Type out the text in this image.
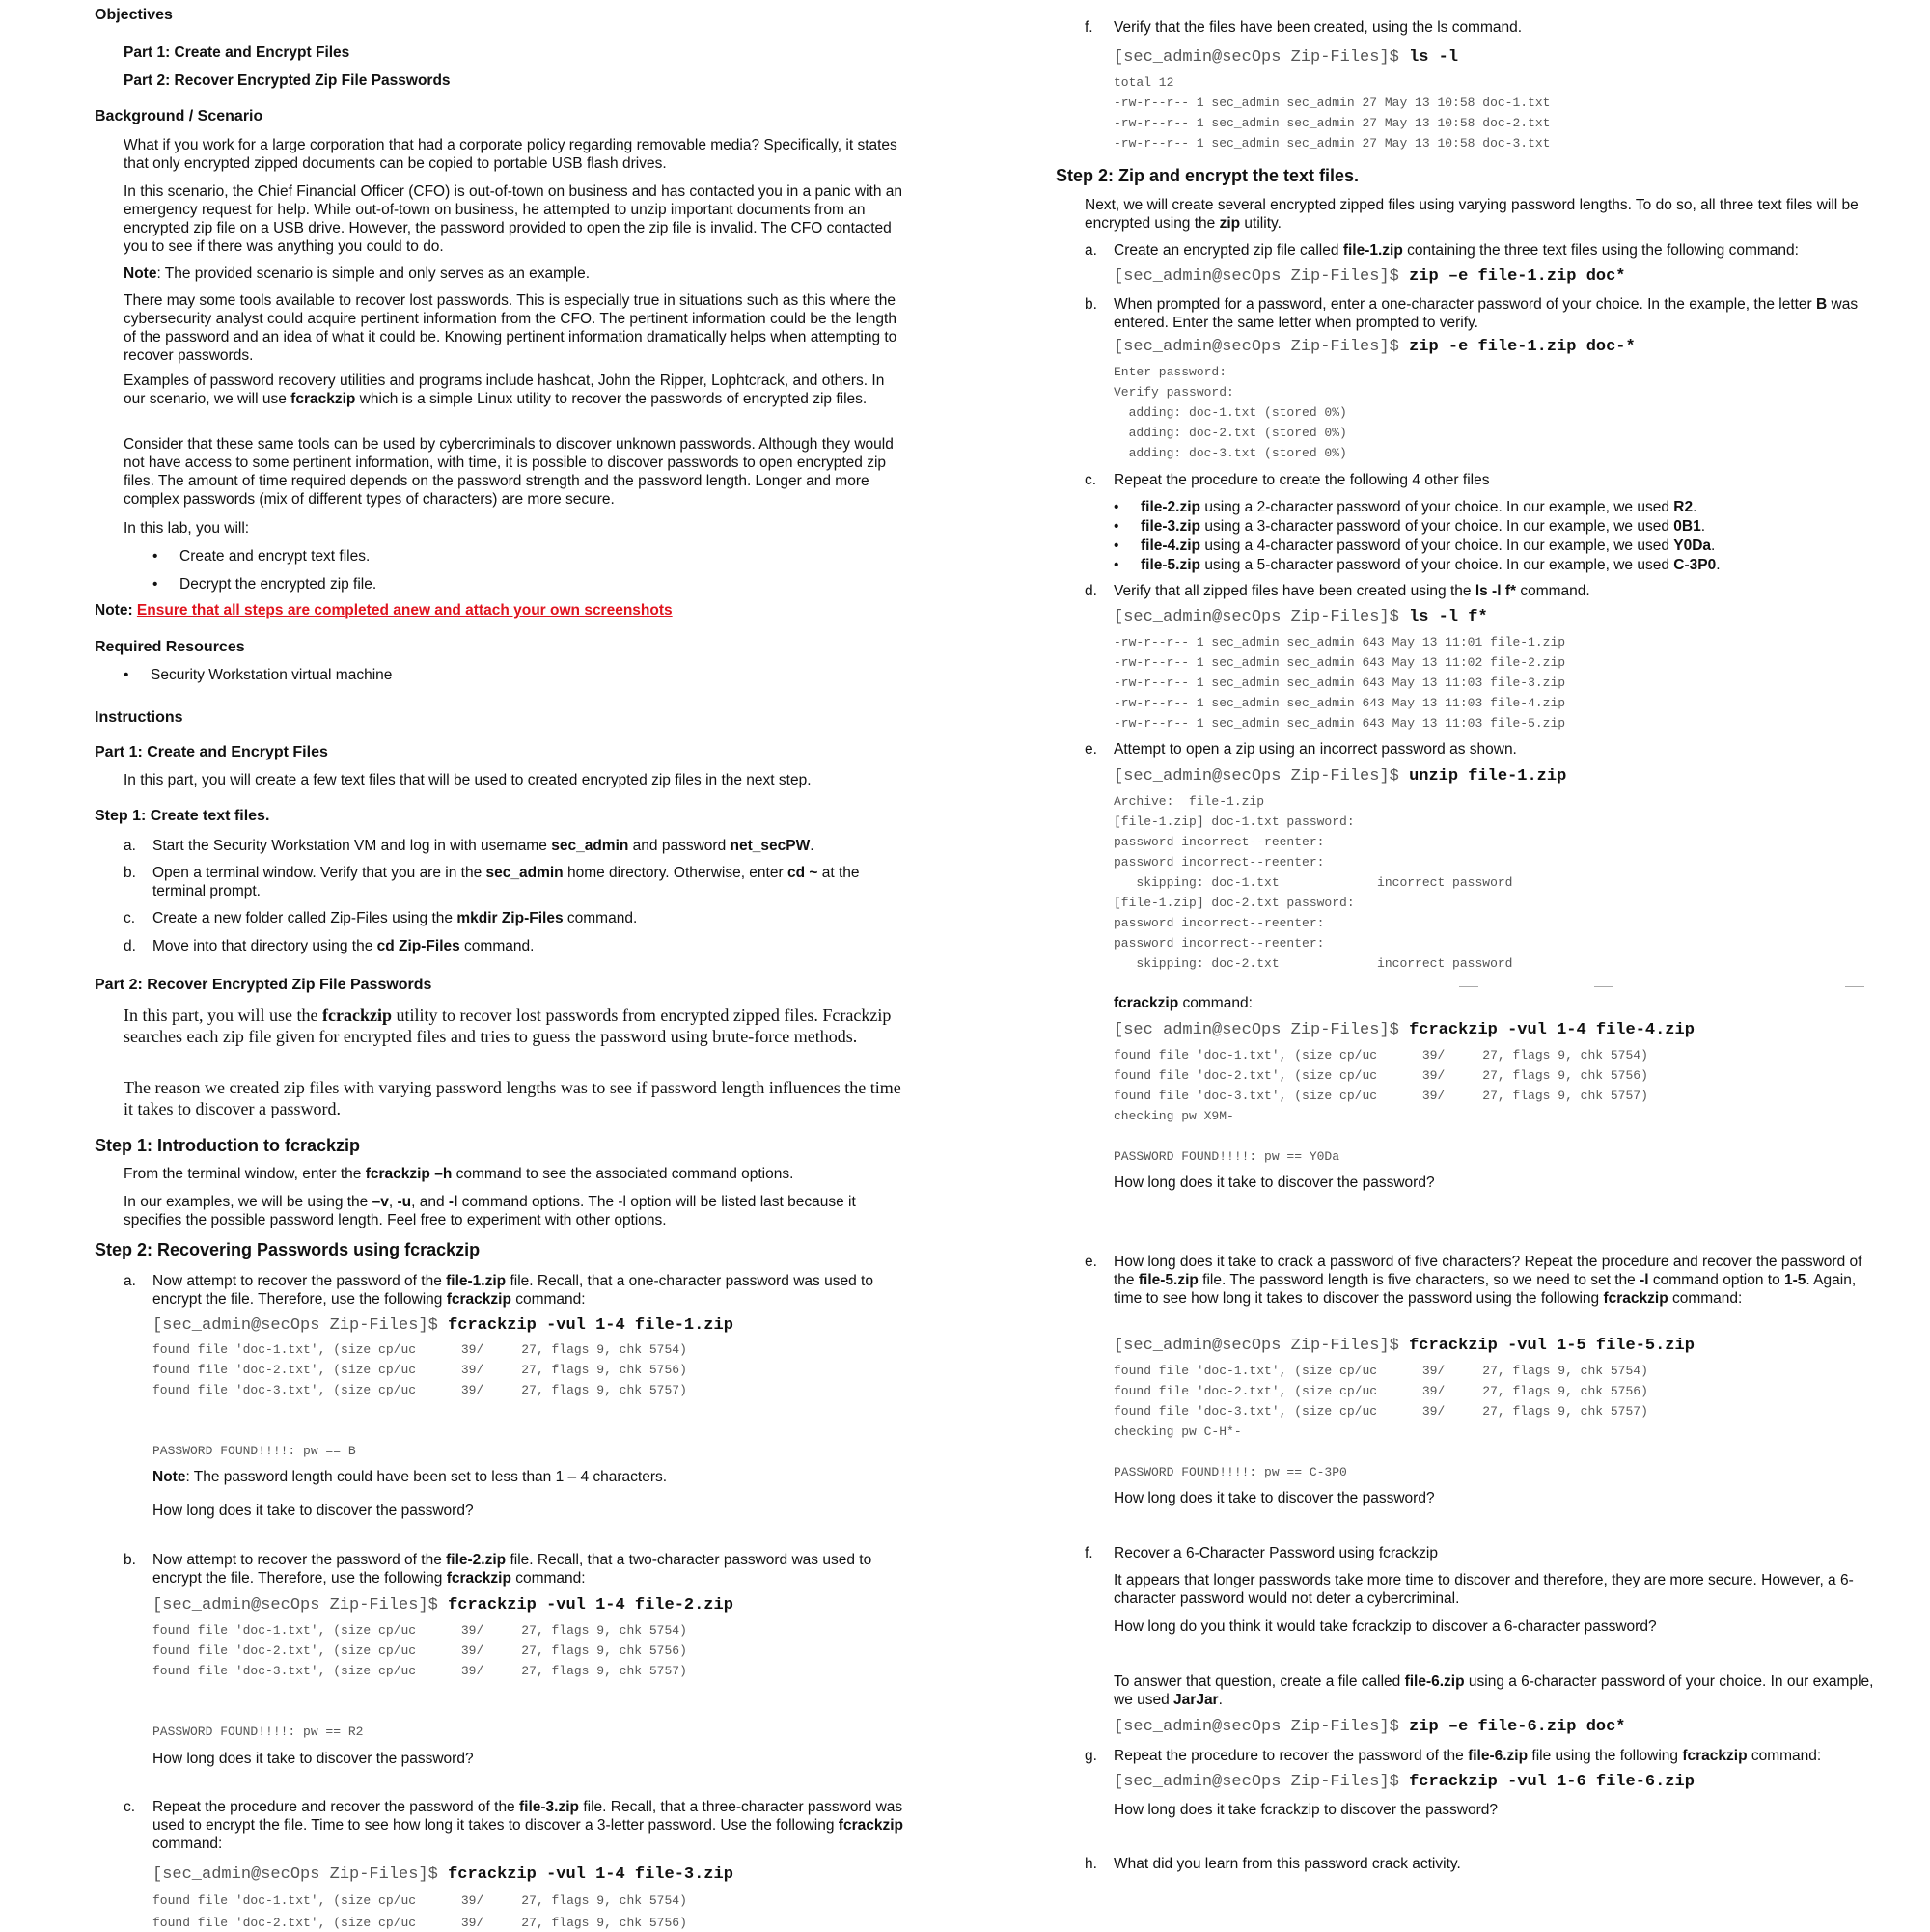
Objectives
Part 1: Create and Encrypt Files
Part 2: Recover Encrypted Zip File Passwords
Background / Scenario
What if you work for a large corporation that had a corporate policy regarding removable media? Specifically, it states that only encrypted zipped documents can be copied to portable USB flash drives.
In this scenario, the Chief Financial Officer (CFO) is out-of-town on business and has contacted you in a panic with an emergency request for help. While out-of-town on business, he attempted to unzip important documents from an encrypted zip file on a USB drive. However, the password provided to open the zip file is invalid. The CFO contacted you to see if there was anything you could to do.
Note: The provided scenario is simple and only serves as an example.
There may some tools available to recover lost passwords. This is especially true in situations such as this where the cybersecurity analyst could acquire pertinent information from the CFO. The pertinent information could be the length of the password and an idea of what it could be. Knowing pertinent information dramatically helps when attempting to recover passwords.
Examples of password recovery utilities and programs include hashcat, John the Ripper, Lophtcrack, and others. In our scenario, we will use fcrackzip which is a simple Linux utility to recover the passwords of encrypted zip files.
Consider that these same tools can be used by cybercriminals to discover unknown passwords. Although they would not have access to some pertinent information, with time, it is possible to discover passwords to open encrypted zip files. The amount of time required depends on the password strength and the password length. Longer and more complex passwords (mix of different types of characters) are more secure.
In this lab, you will:
• Create and encrypt text files.
• Decrypt the encrypted zip file.
Note: Ensure that all steps are completed anew and attach your own screenshots
Required Resources
• Security Workstation virtual machine
Instructions
Part 1: Create and Encrypt Files
In this part, you will create a few text files that will be used to created encrypted zip files in the next step.
Step 1: Create text files.
a. Start the Security Workstation VM and log in with username sec_admin and password net_secPW.
b. Open a terminal window. Verify that you are in the sec_admin home directory. Otherwise, enter cd ~ at the terminal prompt.
c. Create a new folder called Zip-Files using the mkdir Zip-Files command.
d. Move into that directory using the cd Zip-Files command.
Part 2: Recover Encrypted Zip File Passwords
In this part, you will use the fcrackzip utility to recover lost passwords from encrypted zipped files. Fcrackzip searches each zip file given for encrypted files and tries to guess the password using brute-force methods.
The reason we created zip files with varying password lengths was to see if password length influences the time it takes to discover a password.
Step 1: Introduction to fcrackzip
From the terminal window, enter the fcrackzip –h command to see the associated command options.
In our examples, we will be using the –v, -u, and -l command options. The -l option will be listed last because it specifies the possible password length. Feel free to experiment with other options.
Step 2: Recovering Passwords using fcrackzip
a. Now attempt to recover the password of the file-1.zip file. Recall, that a one-character password was used to encrypt the file. Therefore, use the following fcrackzip command:
[sec_admin@secOps Zip-Files]$ fcrackzip -vul 1-4 file-1.zip
found file 'doc-1.txt', (size cp/uc      39/     27, flags 9, chk 5754)
found file 'doc-2.txt', (size cp/uc      39/     27, flags 9, chk 5756)
found file 'doc-3.txt', (size cp/uc      39/     27, flags 9, chk 5757)
PASSWORD FOUND!!!!: pw == B
Note: The password length could have been set to less than 1 – 4 characters.
How long does it take to discover the password?
b. Now attempt to recover the password of the file-2.zip file. Recall, that a two-character password was used to encrypt the file. Therefore, use the following fcrackzip command:
[sec_admin@secOps Zip-Files]$ fcrackzip -vul 1-4 file-2.zip
found file 'doc-1.txt', (size cp/uc      39/     27, flags 9, chk 5754)
found file 'doc-2.txt', (size cp/uc      39/     27, flags 9, chk 5756)
found file 'doc-3.txt', (size cp/uc      39/     27, flags 9, chk 5757)
PASSWORD FOUND!!!!: pw == R2
How long does it take to discover the password?
c. Repeat the procedure and recover the password of the file-3.zip file. Recall, that a three-character password was used to encrypt the file. Time to see how long it takes to discover a 3-letter password. Use the following fcrackzip command:
[sec_admin@secOps Zip-Files]$ fcrackzip -vul 1-4 file-3.zip
found file 'doc-1.txt', (size cp/uc      39/     27, flags 9, chk 5754)
found file 'doc-2.txt', (size cp/uc      39/     27, flags 9, chk 5756)
f. Verify that the files have been created, using the ls command.
[sec_admin@secOps Zip-Files]$ ls -l
total 12
-rw-r--r-- 1 sec_admin sec_admin 27 May 13 10:58 doc-1.txt
-rw-r--r-- 1 sec_admin sec_admin 27 May 13 10:58 doc-2.txt
-rw-r--r-- 1 sec_admin sec_admin 27 May 13 10:58 doc-3.txt
Step 2: Zip and encrypt the text files.
Next, we will create several encrypted zipped files using varying password lengths. To do so, all three text files will be encrypted using the zip utility.
a. Create an encrypted zip file called file-1.zip containing the three text files using the following command:
[sec_admin@secOps Zip-Files]$ zip –e file-1.zip doc*
b. When prompted for a password, enter a one-character password of your choice. In the example, the letter B was entered. Enter the same letter when prompted to verify.
[sec_admin@secOps Zip-Files]$ zip -e file-1.zip doc-*
Enter password:
Verify password:
adding: doc-1.txt (stored 0%)
adding: doc-2.txt (stored 0%)
adding: doc-3.txt (stored 0%)
c. Repeat the procedure to create the following 4 other files
• file-2.zip using a 2-character password of your choice. In our example, we used R2.
• file-3.zip using a 3-character password of your choice. In our example, we used 0B1.
• file-4.zip using a 4-character password of your choice. In our example, we used Y0Da.
• file-5.zip using a 5-character password of your choice. In our example, we used C-3P0.
d. Verify that all zipped files have been created using the ls -l f* command.
[sec_admin@secOps Zip-Files]$ ls -l f*
-rw-r--r-- 1 sec_admin sec_admin 643 May 13 11:01 file-1.zip
-rw-r--r-- 1 sec_admin sec_admin 643 May 13 11:02 file-2.zip
-rw-r--r-- 1 sec_admin sec_admin 643 May 13 11:03 file-3.zip
-rw-r--r-- 1 sec_admin sec_admin 643 May 13 11:03 file-4.zip
-rw-r--r-- 1 sec_admin sec_admin 643 May 13 11:03 file-5.zip
e. Attempt to open a zip using an incorrect password as shown.
[sec_admin@secOps Zip-Files]$ unzip file-1.zip
Archive:  file-1.zip
[file-1.zip] doc-1.txt password:
password incorrect--reenter:
password incorrect--reenter:
skipping: doc-1.txt             incorrect password
[file-1.zip] doc-2.txt password:
password incorrect--reenter:
password incorrect--reenter:
skipping: doc-2.txt             incorrect password
fcrackzip command:
[sec_admin@secOps Zip-Files]$ fcrackzip -vul 1-4 file-4.zip
found file 'doc-1.txt', (size cp/uc      39/     27, flags 9, chk 5754)
found file 'doc-2.txt', (size cp/uc      39/     27, flags 9, chk 5756)
found file 'doc-3.txt', (size cp/uc      39/     27, flags 9, chk 5757)
checking pw X9M-
PASSWORD FOUND!!!!: pw == Y0Da
How long does it take to discover the password?
e. How long does it take to crack a password of five characters? Repeat the procedure and recover the password of the file-5.zip file. The password length is five characters, so we need to set the -l command option to 1-5. Again, time to see how long it takes to discover the password using the following fcrackzip command:
[sec_admin@secOps Zip-Files]$ fcrackzip -vul 1-5 file-5.zip
found file 'doc-1.txt', (size cp/uc      39/     27, flags 9, chk 5754)
found file 'doc-2.txt', (size cp/uc      39/     27, flags 9, chk 5756)
found file 'doc-3.txt', (size cp/uc      39/     27, flags 9, chk 5757)
checking pw C-H*-
PASSWORD FOUND!!!!: pw == C-3P0
How long does it take to discover the password?
f. Recover a 6-Character Password using fcrackzip
It appears that longer passwords take more time to discover and therefore, they are more secure. However, a 6-character password would not deter a cybercriminal.
How long do you think it would take fcrackzip to discover a 6-character password?
To answer that question, create a file called file-6.zip using a 6-character password of your choice. In our example, we used JarJar.
[sec_admin@secOps Zip-Files]$ zip –e file-6.zip doc*
g. Repeat the procedure to recover the password of the file-6.zip file using the following fcrackzip command:
[sec_admin@secOps Zip-Files]$ fcrackzip -vul 1-6 file-6.zip
How long does it take fcrackzip to discover the password?
h. What did you learn from this password crack activity.
